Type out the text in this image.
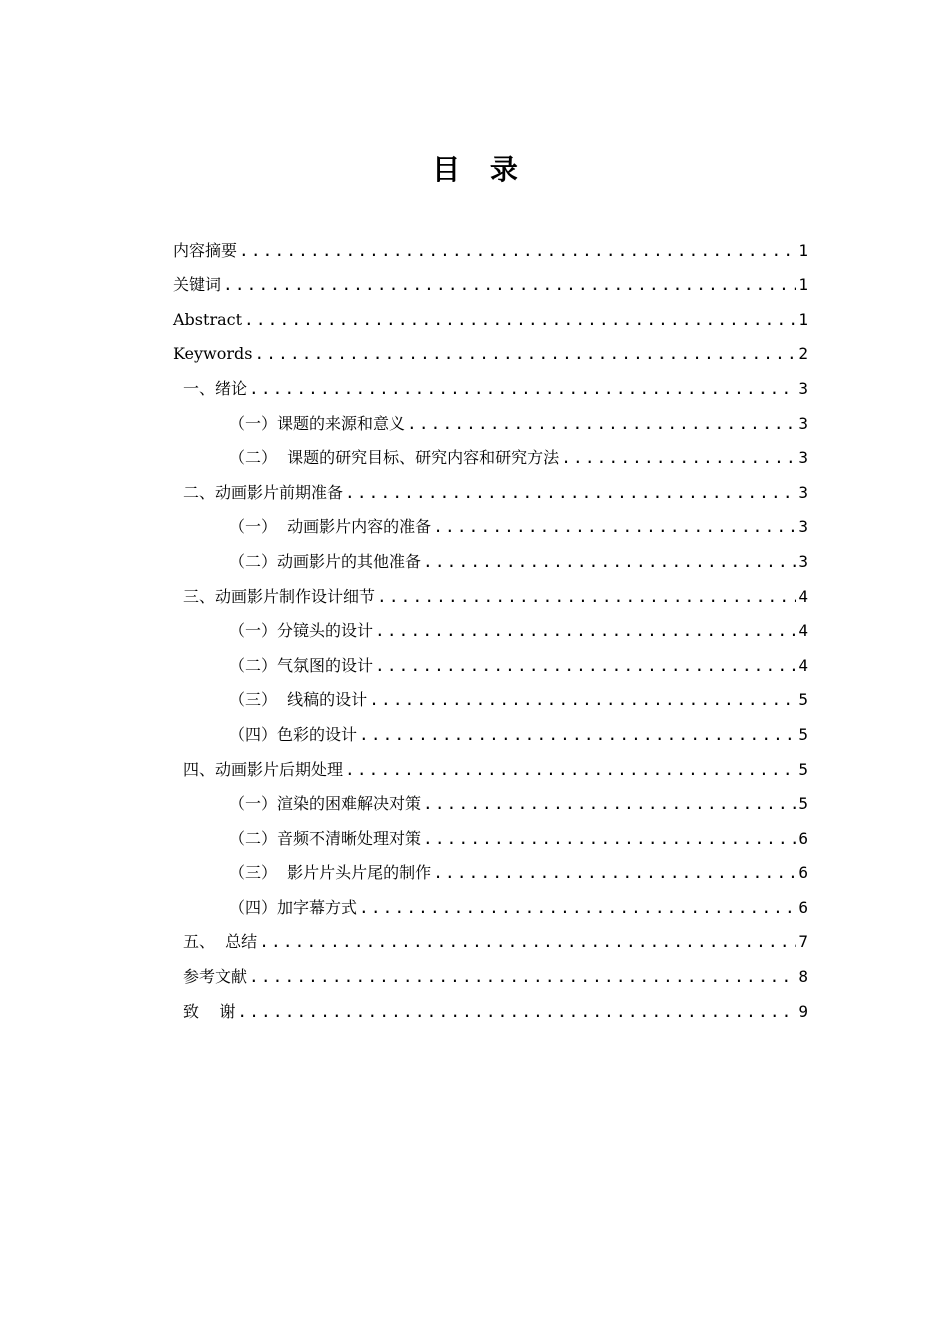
目 录
内容摘要 .....	1
关键词 .....	1
Abstract .....	1
Keywords .....	2
一、绪论 .....	3
（一）课题的来源和意义 .....	3
（二）  课题的研究目标、研究内容和研究方法 .....	3
二、动画影片前期准备 .....	3
（一）  动画影片内容的准备 .....	3
（二）动画影片的其他准备 .....	3
三、动画影片制作设计细节 .....	4
（一）分镜头的设计 .....	4
（二）气氛图的设计 .....	4
（三）  线稿的设计 .....	5
（四）色彩的设计 .....	5
四、动画影片后期处理 .....	5
（一）渲染的困难解决对策 .....	5
（二）音频不清晰处理对策 .....	6
（三）  影片片头片尾的制作 .....	6
（四）加字幕方式 .....	6
五、  总结 .....	7
参考文献 .....	8
致    谢 .....	9
